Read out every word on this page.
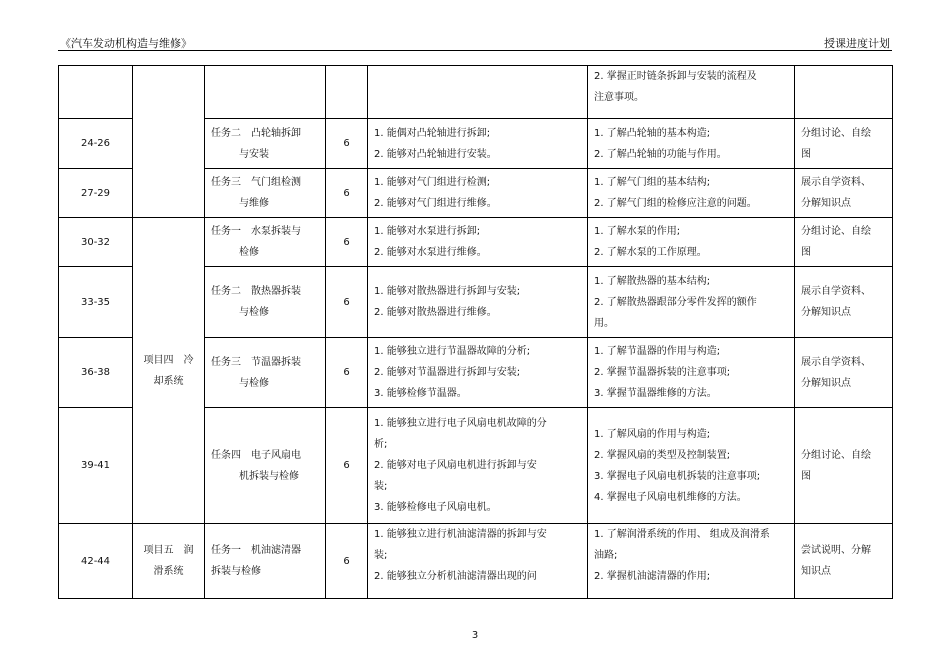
《汽车发动机构造与维修》	授课进度计划

					2. 掌握正时链条拆卸与安装的流程及
注意事项。	

24-26		任务二　凸轮轴拆卸
与安装	6	1. 能偶对凸轮轴进行拆卸;
2. 能够对凸轮轴进行安装。	1. 了解凸轮轴的基本构造;
2. 了解凸轮轴的功能与作用。	分组讨论、自绘
图

27-29		任务三　气门组检测
与维修	6	1. 能够对气门组进行检测;
2. 能够对气门组进行维修。	1. 了解气门组的基本结构;
2. 了解气门组的检修应注意的问题。	展示自学资料、
分解知识点

30-32	项目四　冷
却系统	任务一　水泵拆装与
检修	6	1. 能够对水泵进行拆卸;
2. 能够对水泵进行维修。	1. 了解水泵的作用;
2. 了解水泵的工作原理。	分组讨论、自绘
图

33-35		任务二　散热器拆装
与检修	6	1. 能够对散热器进行拆卸与安装;
2. 能够对散热器进行维修。	1. 了解散热器的基本结构;
2. 了解散热器跟部分零件发挥的额作
用。	展示自学资料、
分解知识点

36-38		任务三　节温器拆装
与检修	6	1. 能够独立进行节温器故障的分析;
2. 能够对节温器进行拆卸与安装;
3. 能够检修节温器。	1. 了解节温器的作用与构造;
2. 掌握节温器拆装的注意事项;
3. 掌握节温器维修的方法。	展示自学资料、
分解知识点

39-41		任条四　电子风扇电
机拆装与检修	6	1. 能够独立进行电子风扇电机故障的分
析;
2. 能够对电子风扇电机进行拆卸与安
装;
3. 能够检修电子风扇电机。	1. 了解风扇的作用与构造;
2. 掌握风扇的类型及控制装置;
3. 掌握电子风扇电机拆装的注意事项;
4. 掌握电子风扇电机维修的方法。	分组讨论、自绘
图

42-44	项目五　润
滑系统	任务一　机油滤清器
拆装与检修	6	1. 能够独立进行机油滤清器的拆卸与安
装;
2. 能够独立分析机油滤清器出现的问	1. 了解润滑系统的作用、 组成及润滑系
油路;
2. 掌握机油滤清器的作用;	尝试说明、分解
知识点
3
